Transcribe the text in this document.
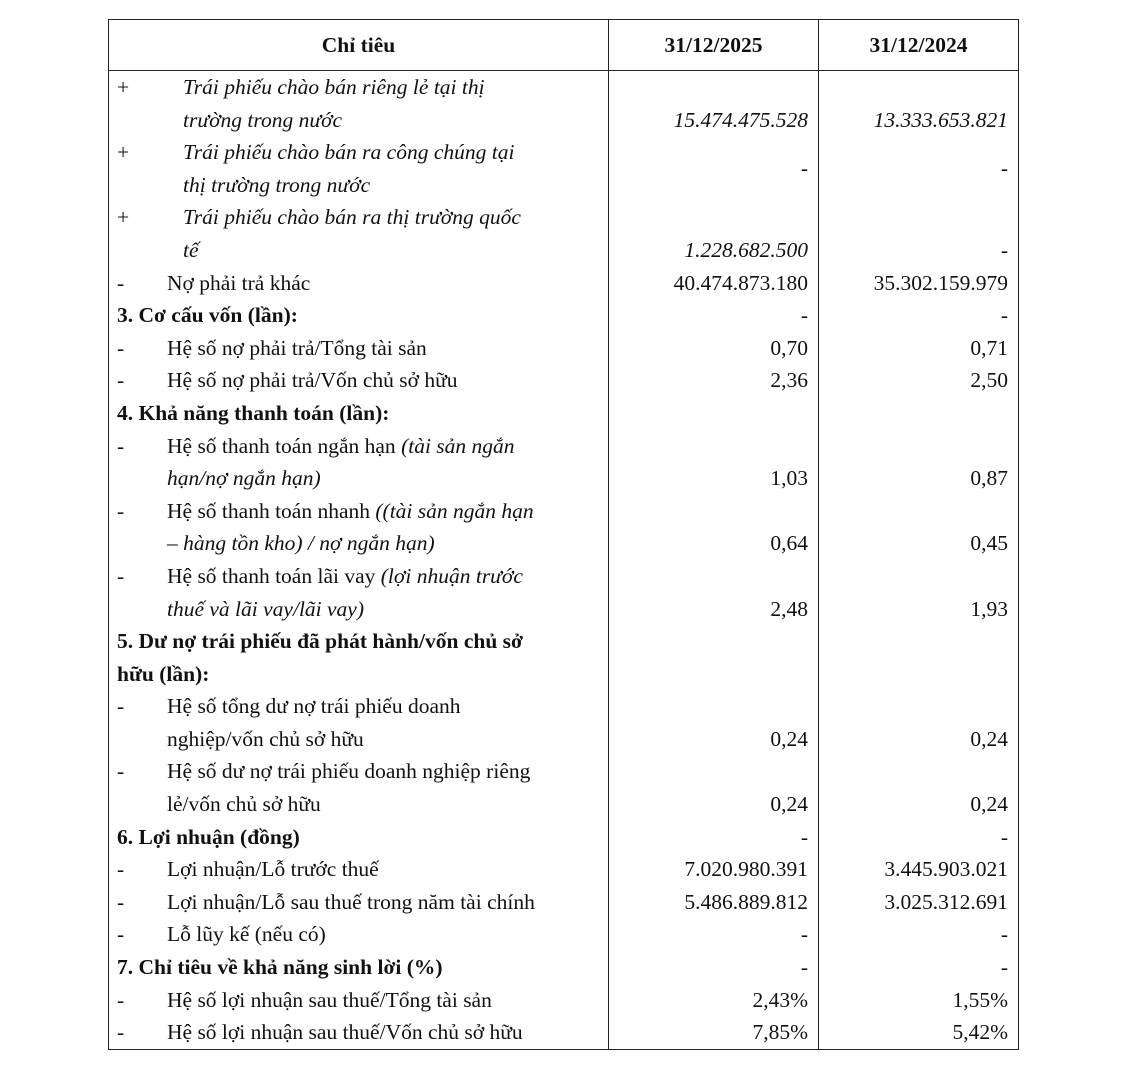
Chỉ tiêu	31/12/2025	31/12/2024

+ Trái phiếu chào bán riêng lẻ tại thị
trường trong nước	15.474.475.528	13.333.653.821

+ Trái phiếu chào bán ra công chúng tại
thị trường trong nước	-	-

+ Trái phiếu chào bán ra thị trường quốc
tế	1.228.682.500	-

- Nợ phải trả khác	40.474.873.180	35.302.159.979
3. Cơ cấu vốn (lần):	-	-

- Hệ số nợ phải trả/Tổng tài sản	0,70	0,71

- Hệ số nợ phải trả/Vốn chủ sở hữu	2,36	2,50
4. Khả năng thanh toán (lần):		

- Hệ số thanh toán ngắn hạn (tài sản ngắn
hạn/nợ ngắn hạn)	1,03	0,87

- Hệ số thanh toán nhanh ((tài sản ngắn hạn
– hàng tồn kho) / nợ ngắn hạn)	0,64	0,45

- Hệ số thanh toán lãi vay (lợi nhuận trước
thuế và lãi vay/lãi vay)	2,48	1,93
5. Dư nợ trái phiếu đã phát hành/vốn chủ sở
hữu (lần):		

- Hệ số tổng dư nợ trái phiếu doanh
nghiệp/vốn chủ sở hữu	0,24	0,24

- Hệ số dư nợ trái phiếu doanh nghiệp riêng
lẻ/vốn chủ sở hữu	0,24	0,24
6. Lợi nhuận (đồng)	-	-

- Lợi nhuận/Lỗ trước thuế	7.020.980.391	3.445.903.021

- Lợi nhuận/Lỗ sau thuế trong năm tài chính	5.486.889.812	3.025.312.691

- Lỗ lũy kế (nếu có)	-	-
7. Chỉ tiêu về khả năng sinh lời (%)	-	-

- Hệ số lợi nhuận sau thuế/Tổng tài sản	2,43%	1,55%

- Hệ số lợi nhuận sau thuế/Vốn chủ sở hữu	7,85%	5,42%
